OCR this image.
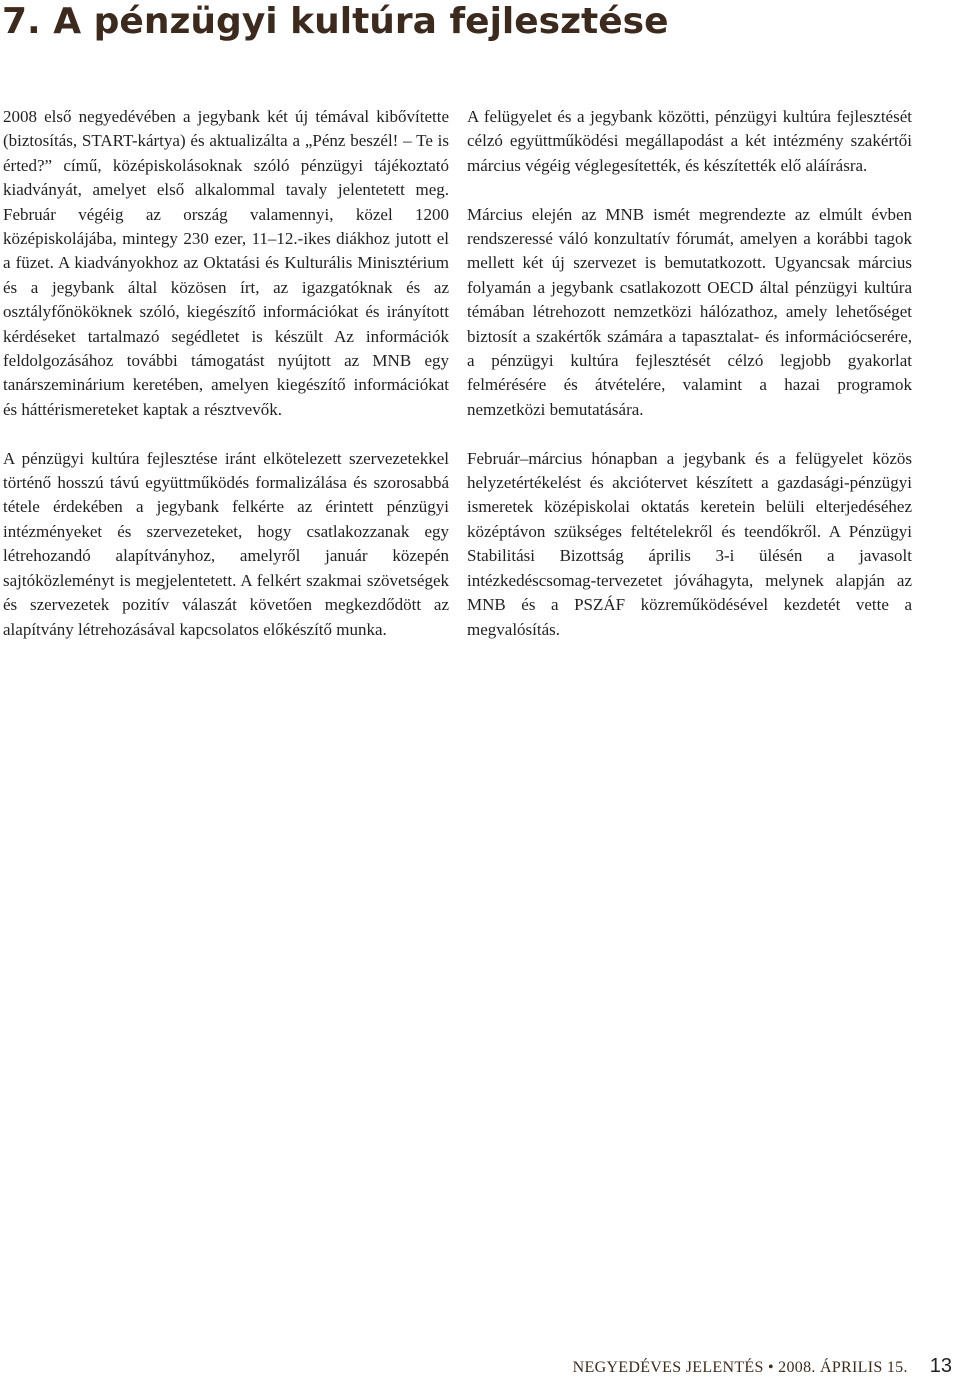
7. A pénzügyi kultúra fejlesztése

2008 első negyedévében a jegybank két új témával kibővítette (biztosítás, START-kártya) és aktualizálta a „Pénz beszél! – Te is érted?” című, középiskolásoknak szóló pénzügyi tájékoztató kiadványát, amelyet első alkalommal tavaly jelentetett meg. Február végéig az ország valamennyi, közel 1200 középiskolájába, mintegy 230 ezer, 11–12.-ikes diákhoz jutott el a füzet. A kiadványokhoz az Oktatási és Kulturális Minisztérium és a jegybank által közösen írt, az igazgatóknak és az osztályfőnököknek szóló, kiegészítő információkat és irányított kérdéseket tartalmazó segédletet is készült Az információk feldolgozásához további támogatást nyújtott az MNB egy tanárszeminárium keretében, amelyen kiegészítő információkat és háttérismereteket kaptak a résztvevők.

A pénzügyi kultúra fejlesztése iránt elkötelezett szervezetekkel történő hosszú távú együttműködés formalizálása és szorosabbá tétele érdekében a jegybank felkérte az érintett pénzügyi intézményeket és szervezeteket, hogy csatlakozzanak egy létrehozandó alapítványhoz, amelyről január közepén sajtóközleményt is megjelentetett. A felkért szakmai szövetségek és szervezetek pozitív válaszát követően megkezdődött az alapítvány létrehozásával kapcsolatos előkészítő munka.

A felügyelet és a jegybank közötti, pénzügyi kultúra fejlesztését célzó együttműködési megállapodást a két intézmény szakértői március végéig véglegesítették, és készítették elő aláírásra.

Március elején az MNB ismét megrendezte az elmúlt évben rendszeressé váló konzultatív fórumát, amelyen a korábbi tagok mellett két új szervezet is bemutatkozott. Ugyancsak március folyamán a jegybank csatlakozott OECD által pénzügyi kultúra témában létrehozott nemzetközi hálózathoz, amely lehetőséget biztosít a szakértők számára a tapasztalat- és információcserére, a pénzügyi kultúra fejlesztését célzó legjobb gyakorlat felmérésére és átvételére, valamint a hazai programok nemzetközi bemutatására.

Február–március hónapban a jegybank és a felügyelet közös helyzetértékelést és akciótervet készített a gazdasági-pénzügyi ismeretek középiskolai oktatás keretein belüli elterjedéséhez középtávon szükséges feltételekről és teendőkről. A Pénzügyi Stabilitási Bizottság április 3-i ülésén a javasolt intézkedéscsomag-tervezetet jóváhagyta, melynek alapján az MNB és a PSZÁF közreműködésével kezdetét vette a megvalósítás.

NEGYEDÉVES JELENTÉS • 2008. ÁPRILIS 15. 13
